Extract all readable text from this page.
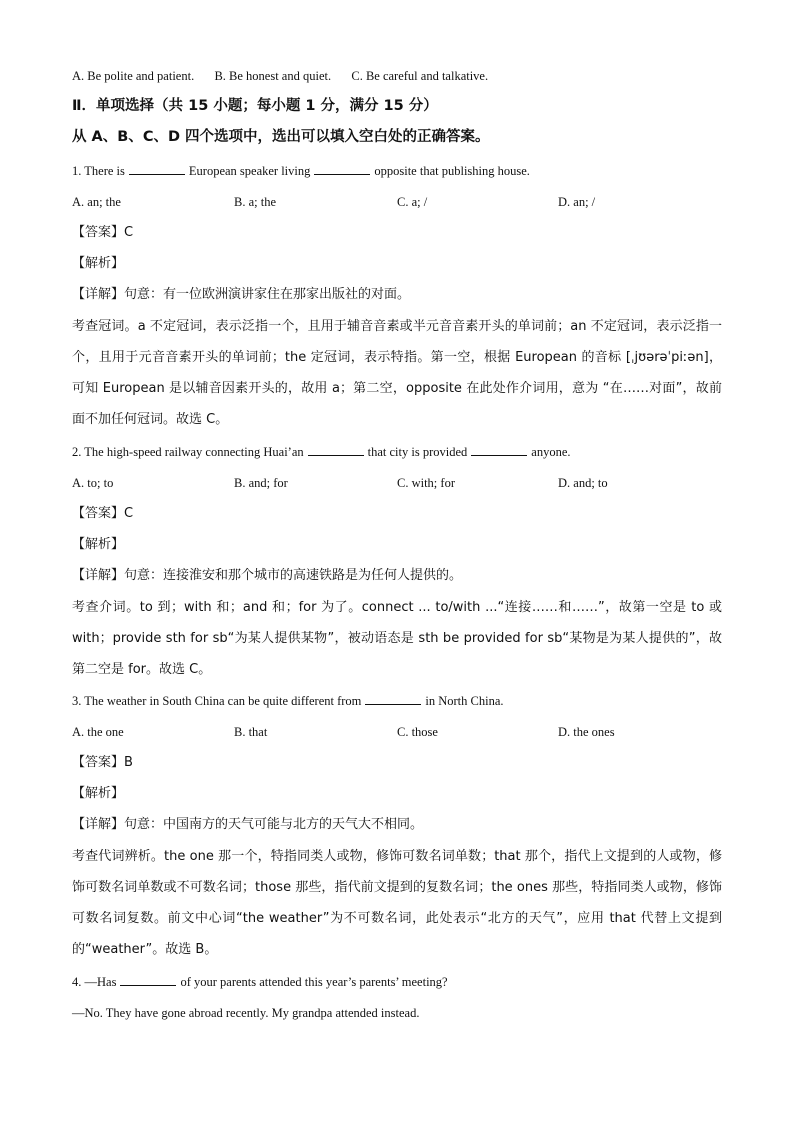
A. Be polite and patient. B. Be honest and quiet. C. Be careful and talkative.
Ⅱ．单项选择（共 15 小题；每小题 1 分，满分 15 分）
从 A、B、C、D 四个选项中，选出可以填入空白处的正确答案。
1. There is	European speaker living	opposite that publishing house.
A. an; the	B. a; the	C. a; /	D. an; /
【答案】C
【解析】
【详解】句意：有一位欧洲演讲家住在那家出版社的对面。
考查冠词。a 不定冠词，表示泛指一个，且用于辅音音素或半元音音素开头的单词前；an 不定冠词，表示泛指一个，且用于元音音素开头的单词前；the 定冠词，表示特指。第一空，根据 European 的音标 [ˌjʊərəˈpiːən]，可知 European 是以辅音因素开头的，故用 a；第二空，opposite 在此处作介词用，意为 “在……对面”，故前面不加任何冠词。故选 C。
2. The high-speed railway connecting Huai’an	that city is provided	anyone.
A. to; to	B. and; for	C. with; for	D. and; to
【答案】C
【解析】
【详解】句意：连接淮安和那个城市的高速铁路是为任何人提供的。
考查介词。to 到；with 和；and 和；for 为了。connect ... to/with ...“连接……和……”，故第一空是 to 或 with；provide sth for sb“为某人提供某物”，被动语态是 sth be provided for sb“某物是为某人提供的”，故第二空是 for。故选 C。
3. The weather in South China can be quite different from	in North China.
A. the one	B. that	C. those	D. the ones
【答案】B
【解析】
【详解】句意：中国南方的天气可能与北方的天气大不相同。
考查代词辨析。the one 那一个，特指同类人或物，修饰可数名词单数；that 那个，指代上文提到的人或物，修饰可数名词单数或不可数名词；those 那些，指代前文提到的复数名词；the ones 那些，特指同类人或物，修饰可数名词复数。前文中心词“the weather”为不可数名词，此处表示“北方的天气”，应用 that 代替上文提到的“weather”。故选 B。
4. —Has	of your parents attended this year’s parents’ meeting?
—No. They have gone abroad recently. My grandpa attended instead.
